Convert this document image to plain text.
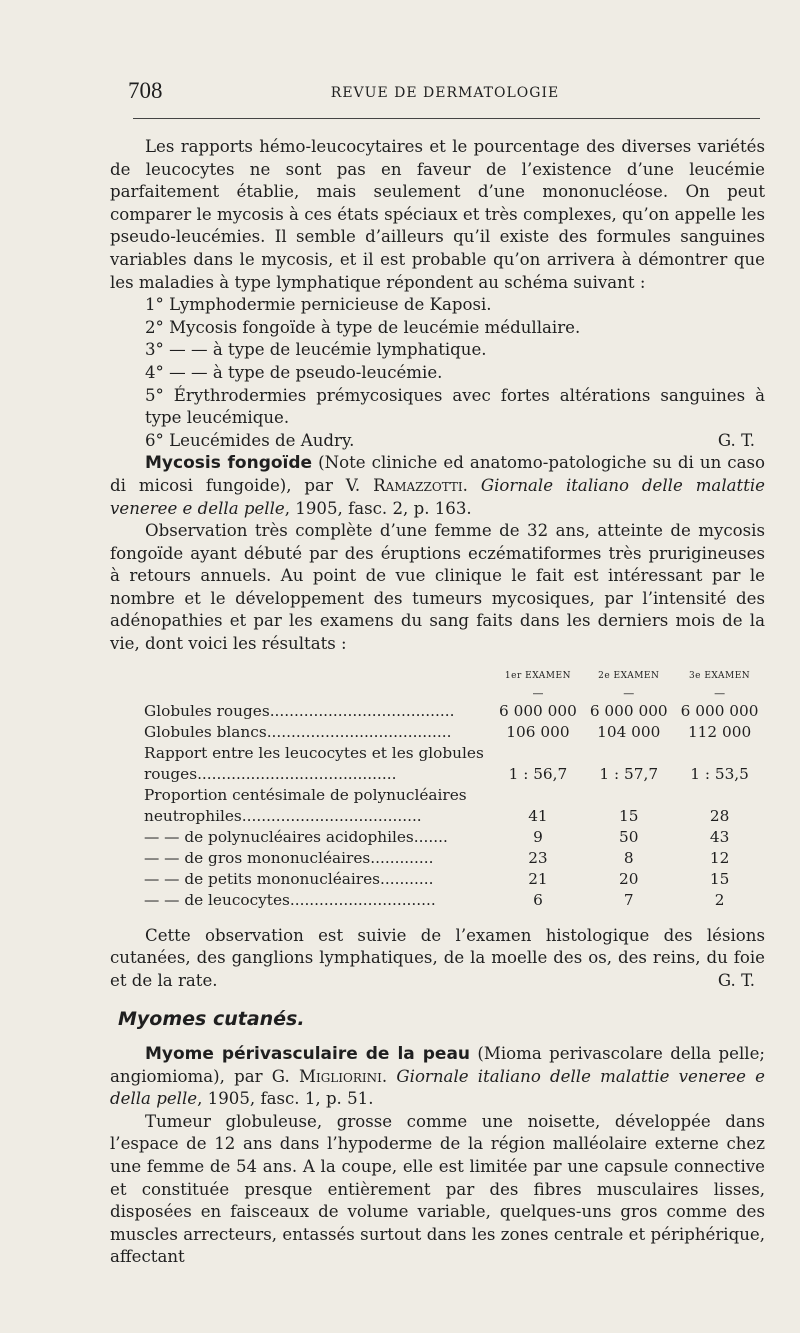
708	REVUE DE DERMATOLOGIE

Les rapports hémo-leucocytaires et le pourcentage des diverses variétés de leucocytes ne sont pas en faveur de l’existence d’une leucémie parfaitement établie, mais seulement d’une mononucléose. On peut comparer le mycosis à ces états spéciaux et très complexes, qu’on appelle les pseudo-leucémies. Il semble d’ailleurs qu’il existe des formules sanguines variables dans le mycosis, et il est probable qu’on arrivera à démontrer que les maladies à type lymphatique répondent au schéma suivant :

1° Lymphodermie pernicieuse de Kaposi.

2° Mycosis fongoïde à type de leucémie médullaire.

3° — — à type de leucémie lymphatique.

4° — — à type de pseudo-leucémie.

5° Érythrodermies prémycosiques avec fortes altérations sanguines à type leucémique.

6° Leucémides de Audry.	G. T.

Mycosis fongoïde (Note cliniche ed anatomo-patologiche su di un caso di micosi fungoide), par V. Ramazzotti. Giornale italiano delle malattie veneree e della pelle, 1905, fasc. 2, p. 163.

Observation très complète d’une femme de 32 ans, atteinte de mycosis fongoïde ayant débuté par des éruptions eczématiformes très prurigineuses à retours annuels. Au point de vue clinique le fait est intéressant par le nombre et le développement des tumeurs mycosiques, par l’intensité des adénopathies et par les examens du sang faits dans les derniers mois de la vie, dont voici les résultats :

	1er EXAMEN	2e EXAMEN	3e EXAMEN
	—	—	—
Globules rouges......................................	6 000 000	6 000 000	6 000 000
Globules blancs......................................	106 000	104 000	112 000
Rapport entre les leucocytes et les globules			
rouges.........................................	1 : 56,7	1 : 57,7	1 : 53,5
Proportion centésimale de polynucléaires			
neutrophiles.....................................	41	15	28
— — de polynucléaires acidophiles.......	9	50	43
— — de gros mononucléaires.............	23	8	12
— — de petits mononucléaires...........	21	20	15
— — de leucocytes..............................	6	7	2

Cette observation est suivie de l’examen histologique des lésions cutanées, des ganglions lymphatiques, de la moelle des os, des reins, du foie et de la rate.	G. T.

Myomes cutanés.

Myome périvasculaire de la peau (Mioma perivascolare della pelle; angiomioma), par G. Migliorini. Giornale italiano delle malattie veneree e della pelle, 1905, fasc. 1, p. 51.

Tumeur globuleuse, grosse comme une noisette, développée dans l’espace de 12 ans dans l’hypoderme de la région malléolaire externe chez une femme de 54 ans. A la coupe, elle est limitée par une capsule connective et constituée presque entièrement par des fibres musculaires lisses, disposées en faisceaux de volume variable, quelques-uns gros comme des muscles arrecteurs, entassés surtout dans les zones centrale et périphérique, affectant
